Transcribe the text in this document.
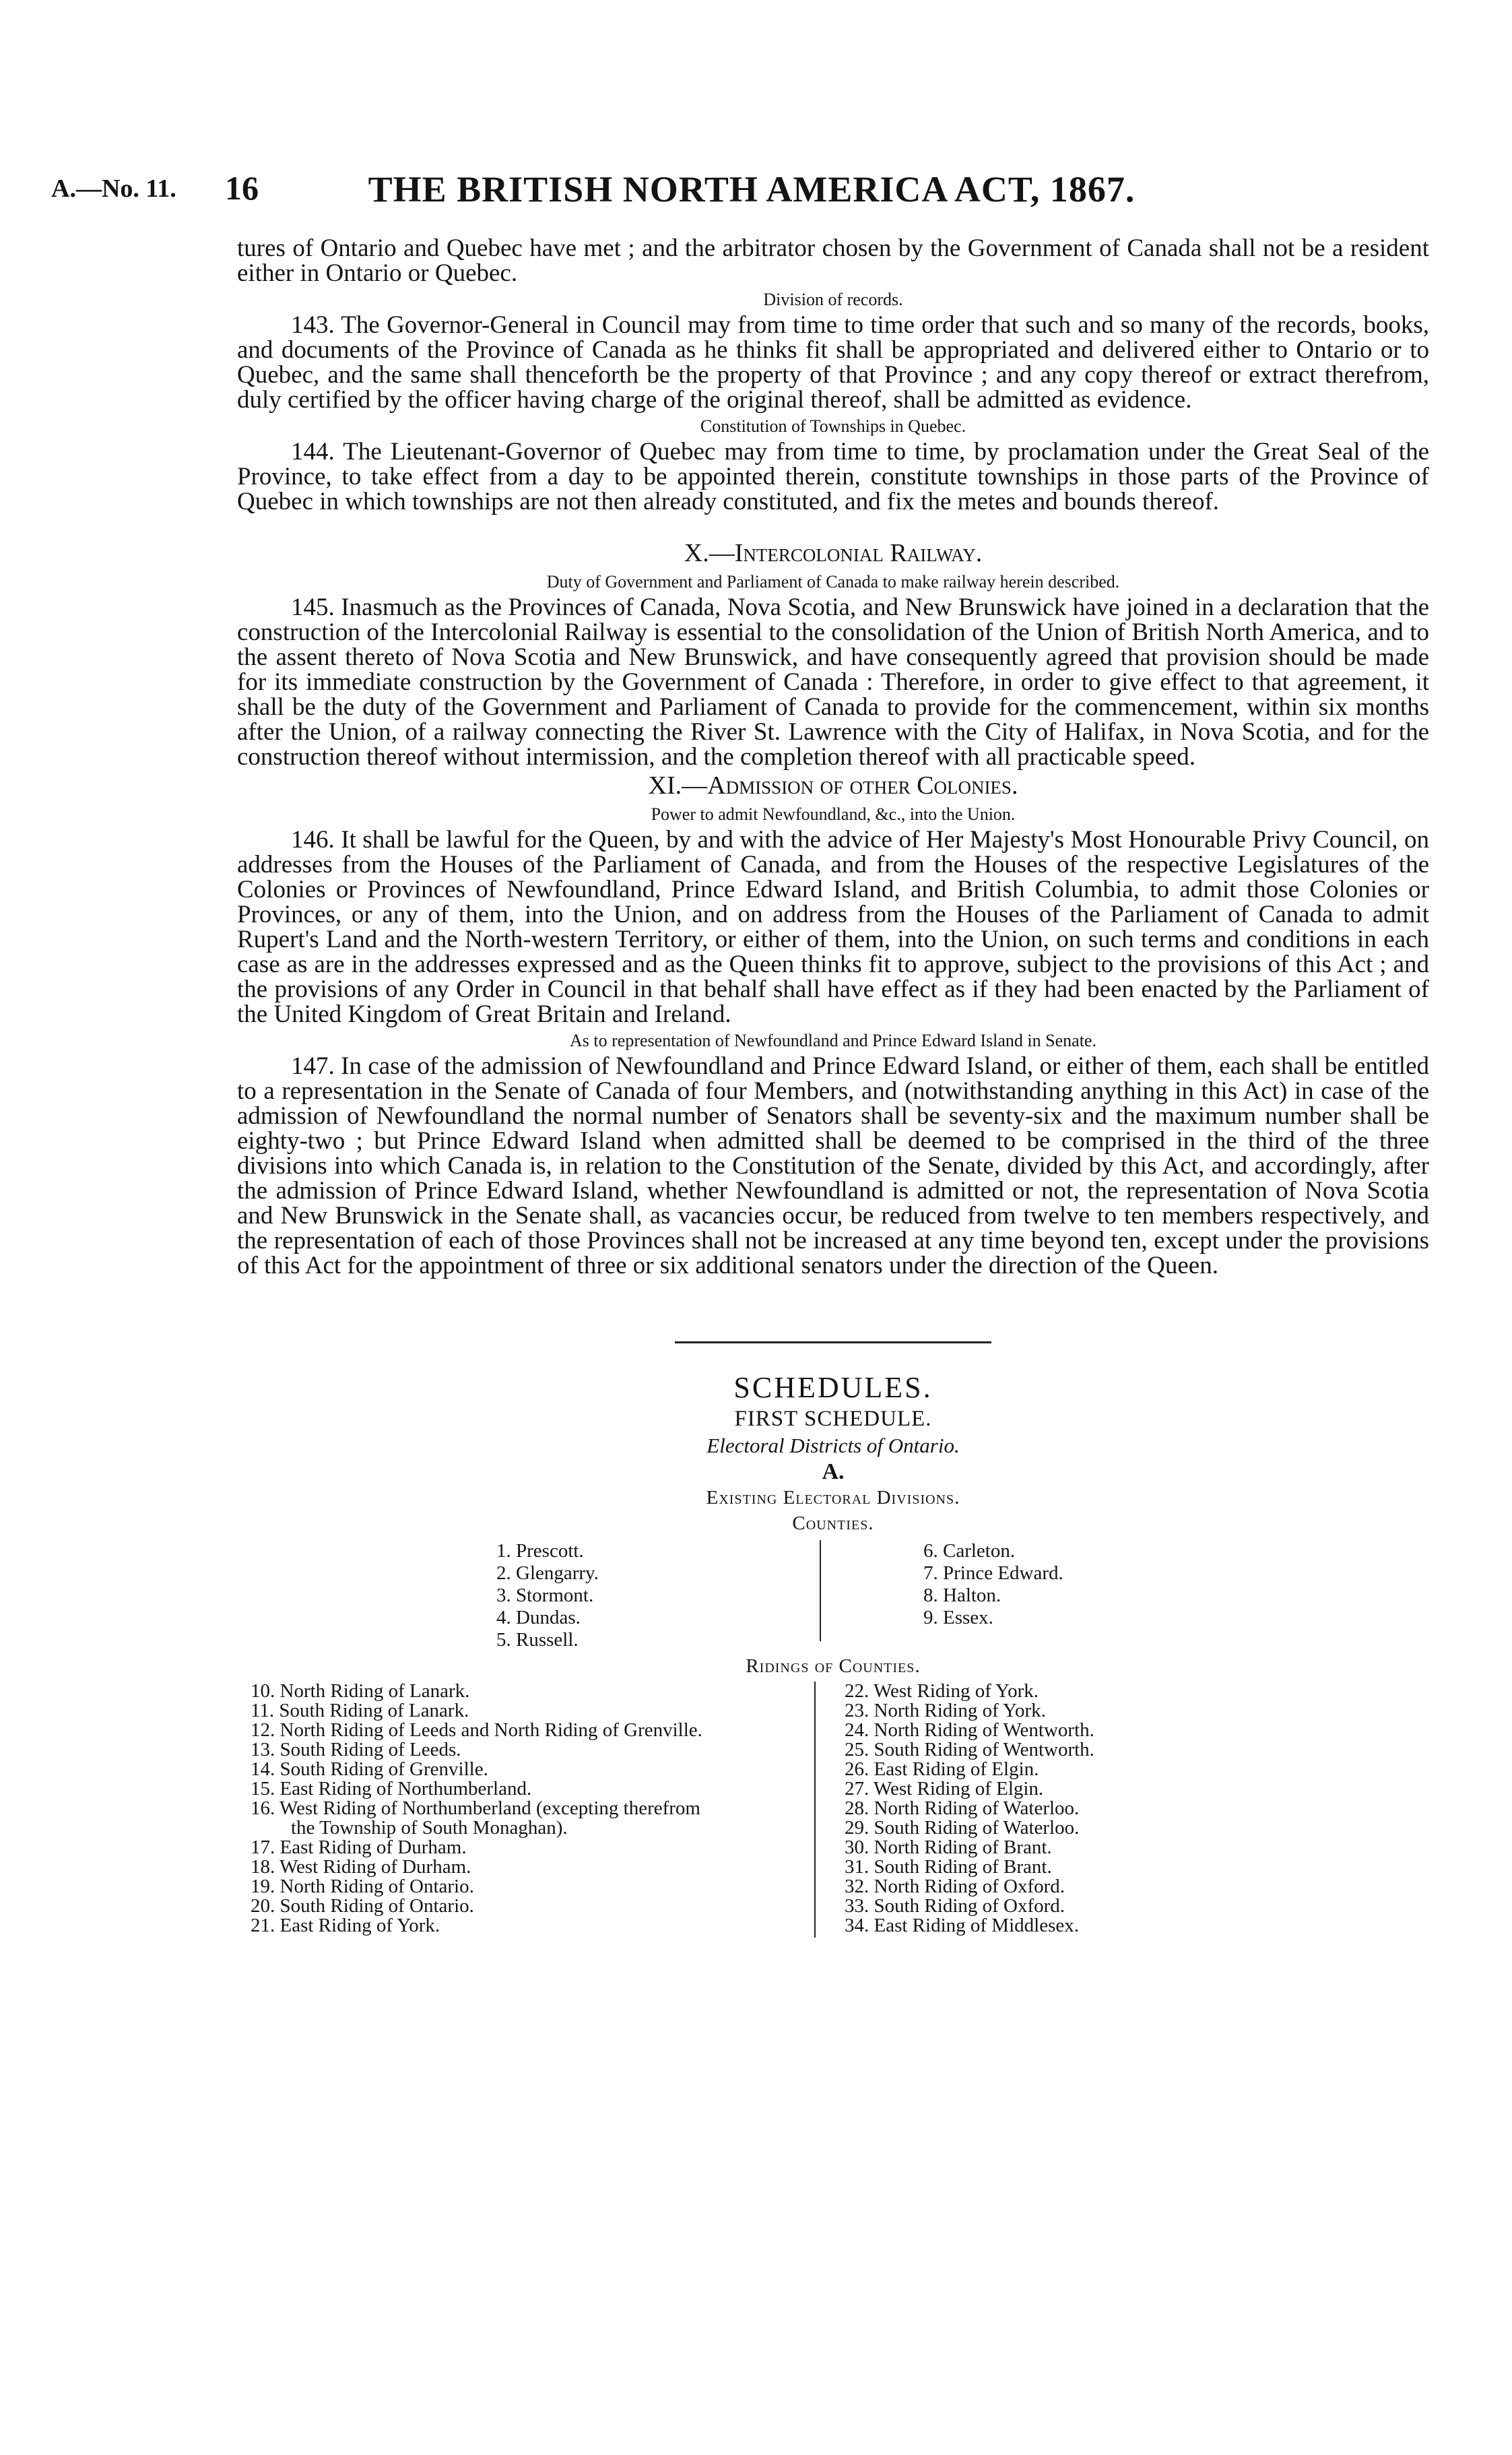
A.—No. 11. 16	THE BRITISH NORTH AMERICA ACT, 1867.

tures of Ontario and Quebec have met ; and the arbitrator chosen by the Government of Canada shall not be a resident either in Ontario or Quebec.

Division of records.

143. The Governor-General in Council may from time to time order that such and so many of the records, books, and documents of the Province of Canada as he thinks fit shall be appropriated and delivered either to Ontario or to Quebec, and the same shall thenceforth be the property of that Province ; and any copy thereof or extract therefrom, duly certified by the officer having charge of the original thereof, shall be admitted as evidence.

Constitution of Townships in Quebec.

144. The Lieutenant-Governor of Quebec may from time to time, by proclamation under the Great Seal of the Province, to take effect from a day to be appointed therein, constitute townships in those parts of the Province of Quebec in which townships are not then already constituted, and fix the metes and bounds thereof.

X.—Intercolonial Railway.
Duty of Government and Parliament of Canada to make railway herein described.

145. Inasmuch as the Provinces of Canada, Nova Scotia, and New Brunswick have joined in a declaration that the construction of the Intercolonial Railway is essential to the consolidation of the Union of British North America, and to the assent thereto of Nova Scotia and New Brunswick, and have consequently agreed that provision should be made for its immediate construction by the Government of Canada : Therefore, in order to give effect to that agreement, it shall be the duty of the Government and Parliament of Canada to provide for the commencement, within six months after the Union, of a railway connecting the River St. Lawrence with the City of Halifax, in Nova Scotia, and for the construction thereof without intermission, and the completion thereof with all practicable speed.

XI.—Admission of other Colonies.
Power to admit Newfoundland, &c., into the Union.

146. It shall be lawful for the Queen, by and with the advice of Her Majesty's Most Honourable Privy Council, on addresses from the Houses of the Parliament of Canada, and from the Houses of the respective Legislatures of the Colonies or Provinces of Newfoundland, Prince Edward Island, and British Columbia, to admit those Colonies or Provinces, or any of them, into the Union, and on address from the Houses of the Parliament of Canada to admit Rupert's Land and the North-western Territory, or either of them, into the Union, on such terms and conditions in each case as are in the addresses expressed and as the Queen thinks fit to approve, subject to the provisions of this Act ; and the provisions of any Order in Council in that behalf shall have effect as if they had been enacted by the Parliament of the United Kingdom of Great Britain and Ireland.

As to representation of Newfoundland and Prince Edward Island in Senate.

147. In case of the admission of Newfoundland and Prince Edward Island, or either of them, each shall be entitled to a representation in the Senate of Canada of four Members, and (notwithstanding anything in this Act) in case of the admission of Newfoundland the normal number of Senators shall be seventy-six and the maximum number shall be eighty-two ; but Prince Edward Island when admitted shall be deemed to be comprised in the third of the three divisions into which Canada is, in relation to the Constitution of the Senate, divided by this Act, and accordingly, after the admission of Prince Edward Island, whether Newfoundland is admitted or not, the representation of Nova Scotia and New Brunswick in the Senate shall, as vacancies occur, be reduced from twelve to ten members respectively, and the representation of each of those Provinces shall not be increased at any time beyond ten, except under the provisions of this Act for the appointment of three or six additional senators under the direction of the Queen.

SCHEDULES.
FIRST SCHEDULE.
Electoral Districts of Ontario.
A.
Existing Electoral Divisions.
Counties.
1. Prescott.
2. Glengarry.
3. Stormont.
4. Dundas.
5. Russell.
6. Carleton.
7. Prince Edward.
8. Halton.
9. Essex.
Ridings of Counties.
10. North Riding of Lanark.
11. South Riding of Lanark.
12. North Riding of Leeds and North Riding of Grenville.
13. South Riding of Leeds.
14. South Riding of Grenville.
15. East Riding of Northumberland.
16. West Riding of Northumberland (excepting therefrom
the Township of South Monaghan).
17. East Riding of Durham.
18. West Riding of Durham.
19. North Riding of Ontario.
20. South Riding of Ontario.
21. East Riding of York.
22. West Riding of York.
23. North Riding of York.
24. North Riding of Wentworth.
25. South Riding of Wentworth.
26. East Riding of Elgin.
27. West Riding of Elgin.
28. North Riding of Waterloo.
29. South Riding of Waterloo.
30. North Riding of Brant.
31. South Riding of Brant.
32. North Riding of Oxford.
33. South Riding of Oxford.
34. East Riding of Middlesex.
